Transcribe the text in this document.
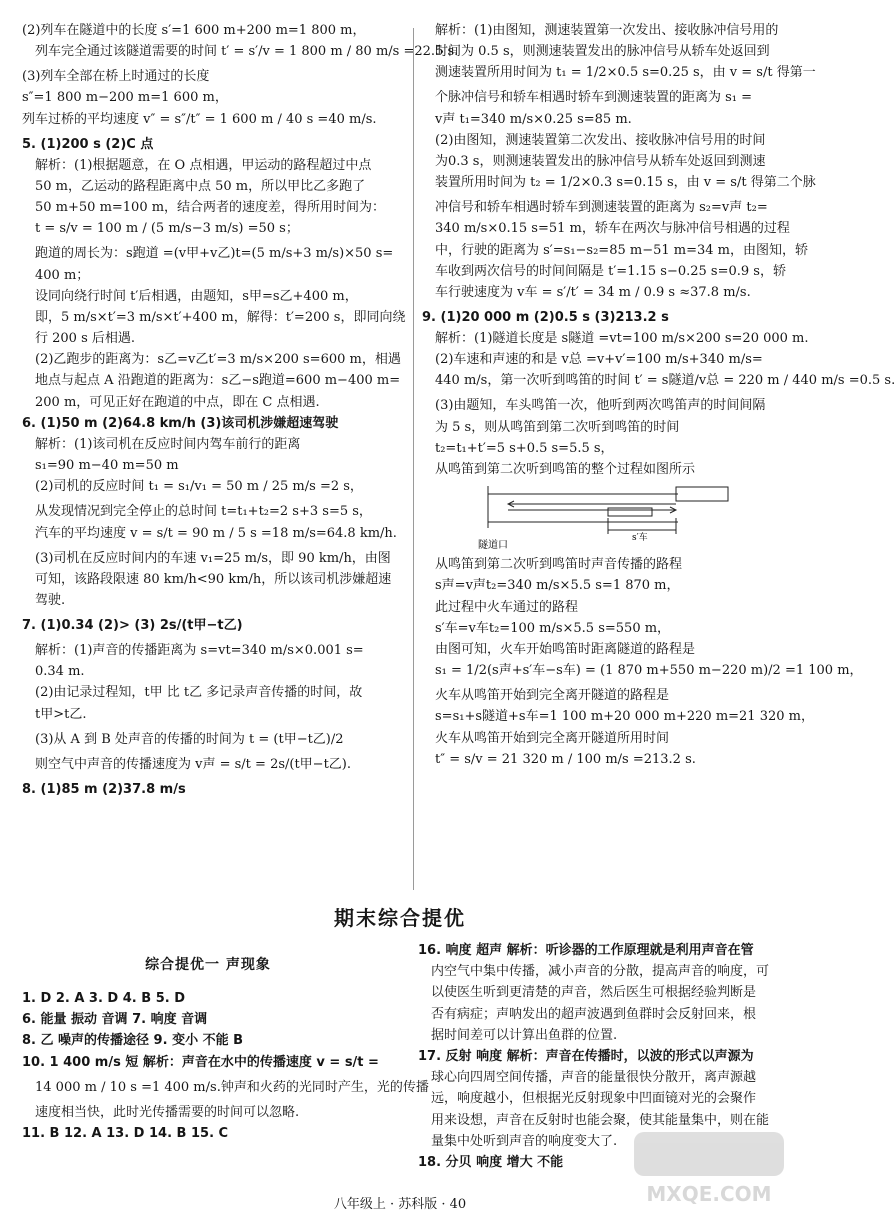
(2)列车在隧道中的长度 s′=1 600 m+200 m=1 800 m，
列车完全通过该隧道需要的时间 t′ = s′/v = 1 800 m / 80 m/s =22.5 s.
(3)列车全部在桥上时通过的长度
s″=1 800 m−200 m=1 600 m，
列车过桥的平均速度 v″ = s″/t″ = 1 600 m / 40 s =40 m/s.
5. (1)200 s (2)C 点
解析：(1)根据题意，在 O 点相遇，甲运动的路程超过中点
50 m，乙运动的路程距离中点 50 m，所以甲比乙多跑了
50 m+50 m=100 m，结合两者的速度差，得所用时间为：
t = s/v = 100 m / (5 m/s−3 m/s) =50 s；
跑道的周长为：s跑道 =(v甲+v乙)t=(5 m/s+3 m/s)×50 s=
400 m；
设同向绕行时间 t′后相遇，由题知，s甲=s乙+400 m，
即，5 m/s×t′=3 m/s×t′+400 m，解得：t′=200 s，即同向绕
行 200 s 后相遇.
(2)乙跑步的距离为：s乙=v乙t′=3 m/s×200 s=600 m，相遇
地点与起点 A 沿跑道的距离为：s乙−s跑道=600 m−400 m=
200 m，可见正好在跑道的中点，即在 C 点相遇.
6. (1)50 m (2)64.8 km/h (3)该司机涉嫌超速驾驶
解析：(1)该司机在反应时间内驾车前行的距离
s₁=90 m−40 m=50 m
(2)司机的反应时间 t₁ = s₁/v₁ = 50 m / 25 m/s =2 s，
从发现情况到完全停止的总时间 t=t₁+t₂=2 s+3 s=5 s，
汽车的平均速度 v = s/t = 90 m / 5 s =18 m/s=64.8 km/h.
(3)司机在反应时间内的车速 v₁=25 m/s，即 90 km/h，由图
可知，该路段限速 80 km/h<90 km/h，所以该司机涉嫌超速
驾驶.
7. (1)0.34 (2)> (3) 2s/(t甲−t乙)
解析：(1)声音的传播距离为 s=vt=340 m/s×0.001 s=
0.34 m.
(2)由记录过程知，t甲 比 t乙 多记录声音传播的时间，故
t甲>t乙.
(3)从 A 到 B 处声音的传播的时间为 t = (t甲−t乙)/2
则空气中声音的传播速度为 v声 = s/t = 2s/(t甲−t乙).
8. (1)85 m (2)37.8 m/s
解析：(1)由图知，测速装置第一次发出、接收脉冲信号用的
时间为 0.5 s，则测速装置发出的脉冲信号从轿车处返回到
测速装置所用时间为 t₁ = 1/2×0.5 s=0.25 s，由 v = s/t 得第一
个脉冲信号和轿车相遇时轿车到测速装置的距离为 s₁ =
v声 t₁=340 m/s×0.25 s=85 m.
(2)由图知，测速装置第二次发出、接收脉冲信号用的时间
为0.3 s，则测速装置发出的脉冲信号从轿车处返回到测速
装置所用时间为 t₂ = 1/2×0.3 s=0.15 s，由 v = s/t 得第二个脉
冲信号和轿车相遇时轿车到测速装置的距离为 s₂=v声 t₂=
340 m/s×0.15 s=51 m，轿车在两次与脉冲信号相遇的过程
中，行驶的距离为 s′=s₁−s₂=85 m−51 m=34 m，由图知，轿
车收到两次信号的时间间隔是 t′=1.15 s−0.25 s=0.9 s，轿
车行驶速度为 v车 = s′/t′ = 34 m / 0.9 s ≈37.8 m/s.
9. (1)20 000 m (2)0.5 s (3)213.2 s
解析：(1)隧道长度是 s隧道 =vt=100 m/s×200 s=20 000 m.
(2)车速和声速的和是 v总 =v+v′=100 m/s+340 m/s=
440 m/s，第一次听到鸣笛的时间 t′ = s隧道/v总 = 220 m / 440 m/s =0.5 s.
(3)由题知，车头鸣笛一次，他听到两次鸣笛声的时间间隔
为 5 s，则从鸣笛到第二次听到鸣笛的时间
t₂=t₁+t′=5 s+0.5 s=5.5 s，
从鸣笛到第二次听到鸣笛的整个过程如图所示
隧道口
s′车
从鸣笛到第二次听到鸣笛时声音传播的路程
s声=v声t₂=340 m/s×5.5 s=1 870 m，
此过程中火车通过的路程
s′车=v车t₂=100 m/s×5.5 s=550 m，
由图可知，火车开始鸣笛时距离隧道的路程是
s₁ = 1/2(s声+s′车−s车) = (1 870 m+550 m−220 m)/2 =1 100 m，
火车从鸣笛开始到完全离开隧道的路程是
s=s₁+s隧道+s车=1 100 m+20 000 m+220 m=21 320 m，
火车从鸣笛开始到完全离开隧道所用时间
t″ = s/v = 21 320 m / 100 m/s =213.2 s.
期末综合提优
综合提优一 声现象
1. D 2. A 3. D 4. B 5. D
6. 能量 振动 音调 7. 响度 音调
8. 乙 噪声的传播途径 9. 变小 不能 B
10. 1 400 m/s 短 解析：声音在水中的传播速度 v = s/t =
14 000 m / 10 s =1 400 m/s.钟声和火药的光同时产生，光的传播
速度相当快，此时光传播需要的时间可以忽略.
11. B 12. A 13. D 14. B 15. C
16. 响度 超声 解析：听诊器的工作原理就是利用声音在管
内空气中集中传播，减小声音的分散，提高声音的响度，可
以使医生听到更清楚的声音，然后医生可根据经验判断是
否有病症；声呐发出的超声波遇到鱼群时会反射回来，根
据时间差可以计算出鱼群的位置.
17. 反射 响度 解析：声音在传播时，以波的形式以声源为
球心向四周空间传播，声音的能量很快分散开，离声源越
远，响度越小，但根据光反射现象中凹面镜对光的会聚作
用来设想，声音在反射时也能会聚，使其能量集中，则在能
量集中处听到声音的响度变大了.
18. 分贝 响度 增大 不能
MXQE.COM
八年级上 · 苏科版 · 40
